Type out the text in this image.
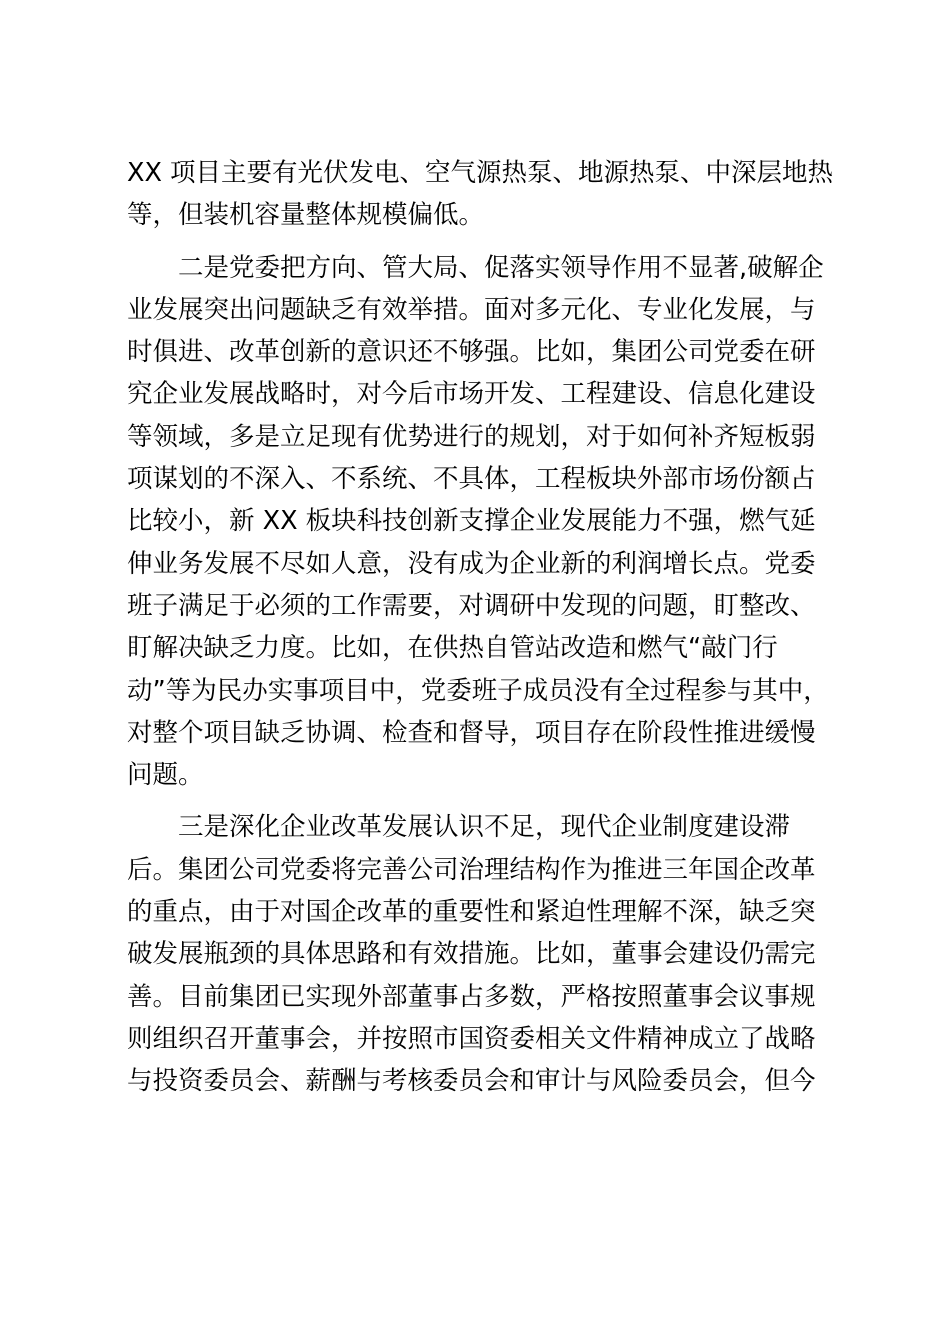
XX 项目主要有光伏发电、空气源热泵、地源热泵、中深层地热
等，但装机容量整体规模偏低。
　　二是党委把方向、管大局、促落实领导作用不显著,破解企
业发展突出问题缺乏有效举措。面对多元化、专业化发展，与
时俱进、改革创新的意识还不够强。比如，集团公司党委在研
究企业发展战略时，对今后市场开发、工程建设、信息化建设
等领域，多是立足现有优势进行的规划，对于如何补齐短板弱
项谋划的不深入、不系统、不具体，工程板块外部市场份额占
比较小，新 XX 板块科技创新支撑企业发展能力不强，燃气延
伸业务发展不尽如人意，没有成为企业新的利润增长点。党委
班子满足于必须的工作需要，对调研中发现的问题，盯整改、
盯解决缺乏力度。比如，在供热自管站改造和燃气“敲门行
动”等为民办实事项目中，党委班子成员没有全过程参与其中，
对整个项目缺乏协调、检查和督导，项目存在阶段性推进缓慢
问题。
　　三是深化企业改革发展认识不足，现代企业制度建设滞
后。集团公司党委将完善公司治理结构作为推进三年国企改革
的重点，由于对国企改革的重要性和紧迫性理解不深，缺乏突
破发展瓶颈的具体思路和有效措施。比如，董事会建设仍需完
善。目前集团已实现外部董事占多数，严格按照董事会议事规
则组织召开董事会，并按照市国资委相关文件精神成立了战略
与投资委员会、薪酬与考核委员会和审计与风险委员会，但今
